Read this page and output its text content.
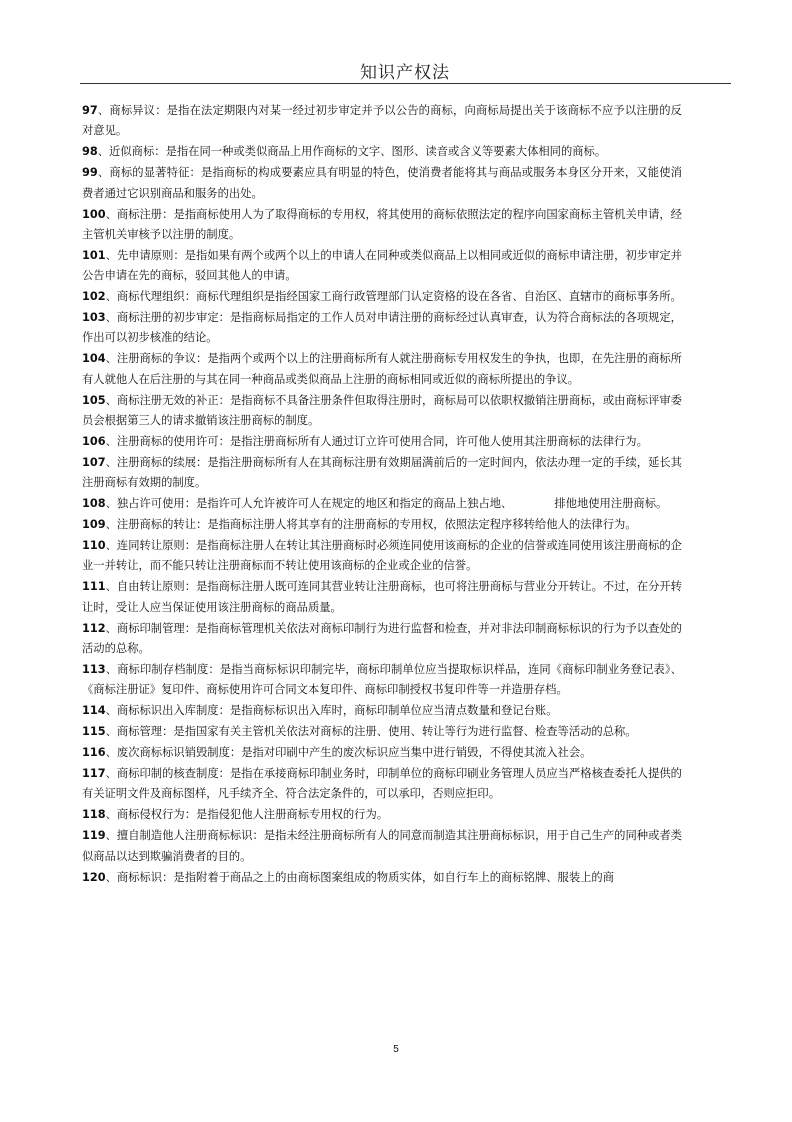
知识产权法

97、商标异议：是指在法定期限内对某一经过初步审定并予以公告的商标，向商标局提出关于该商标不应予以注册的反对意见。

98、近似商标：是指在同一种或类似商品上用作商标的文字、图形、读音或含义等要素大体相同的商标。

99、商标的显著特征：是指商标的构成要素应具有明显的特色，使消费者能将其与商品或服务本身区分开来，又能使消费者通过它识别商品和服务的出处。

100、商标注册：是指商标使用人为了取得商标的专用权，将其使用的商标依照法定的程序向国家商标主管机关申请，经主管机关审核予以注册的制度。

101、先申请原则：是指如果有两个或两个以上的申请人在同种或类似商品上以相同或近似的商标申请注册，初步审定并公告申请在先的商标，驳回其他人的申请。

102、商标代理组织：商标代理组织是指经国家工商行政管理部门认定资格的设在各省、自治区、直辖市的商标事务所。

103、商标注册的初步审定：是指商标局指定的工作人员对申请注册的商标经过认真审查，认为符合商标法的各项规定，作出可以初步核准的结论。

104、注册商标的争议：是指两个或两个以上的注册商标所有人就注册商标专用权发生的争执，也即，在先注册的商标所有人就他人在后注册的与其在同一种商品或类似商品上注册的商标相同或近似的商标所提出的争议。

105、商标注册无效的补正：是指商标不具备注册条件但取得注册时，商标局可以依职权撤销注册商标，或由商标评审委员会根据第三人的请求撤销该注册商标的制度。

106、注册商标的使用许可：是指注册商标所有人通过订立许可使用合同，许可他人使用其注册商标的法律行为。

107、注册商标的续展：是指注册商标所有人在其商标注册有效期届满前后的一定时间内，依法办理一定的手续，延长其注册商标有效期的制度。

108、独占许可使用：是指许可人允许被许可人在规定的地区和指定的商品上独占地、	排他地使用注册商标。

109、注册商标的转让：是指商标注册人将其享有的注册商标的专用权，依照法定程序移转给他人的法律行为。

110、连同转让原则：是指商标注册人在转让其注册商标时必须连同使用该商标的企业的信誉或连同使用该注册商标的企业一并转让，而不能只转让注册商标而不转让使用该商标的企业或企业的信誉。

111、自由转让原则：是指商标注册人既可连同其营业转让注册商标，也可将注册商标与营业分开转让。不过，在分开转让时，受让人应当保证使用该注册商标的商品质量。

112、商标印制管理：是指商标管理机关依法对商标印制行为进行监督和检查，并对非法印制商标标识的行为予以查处的活动的总称。

113、商标印制存档制度：是指当商标标识印制完毕，商标印制单位应当提取标识样品，连同《商标印制业务登记表》、《商标注册证》复印件、商标使用许可合同文本复印件、商标印制授权书复印件等一并造册存档。

114、商标标识出入库制度：是指商标标识出入库时，商标印制单位应当清点数量和登记台账。

115、商标管理：是指国家有关主管机关依法对商标的注册、使用、转让等行为进行监督、检查等活动的总称。

116、废次商标标识销毁制度：是指对印刷中产生的废次标识应当集中进行销毁，不得使其流入社会。

117、商标印制的核查制度：是指在承接商标印制业务时，印制单位的商标印刷业务管理人员应当严格核查委托人提供的有关证明文件及商标图样，凡手续齐全、符合法定条件的，可以承印，否则应拒印。

118、商标侵权行为：是指侵犯他人注册商标专用权的行为。

119、擅自制造他人注册商标标识：是指未经注册商标所有人的同意而制造其注册商标标识，用于自己生产的同种或者类似商品以达到欺骗消费者的目的。

120、商标标识：是指附着于商品之上的由商标图案组成的物质实体，如自行车上的商标铭牌、服装上的商

5
